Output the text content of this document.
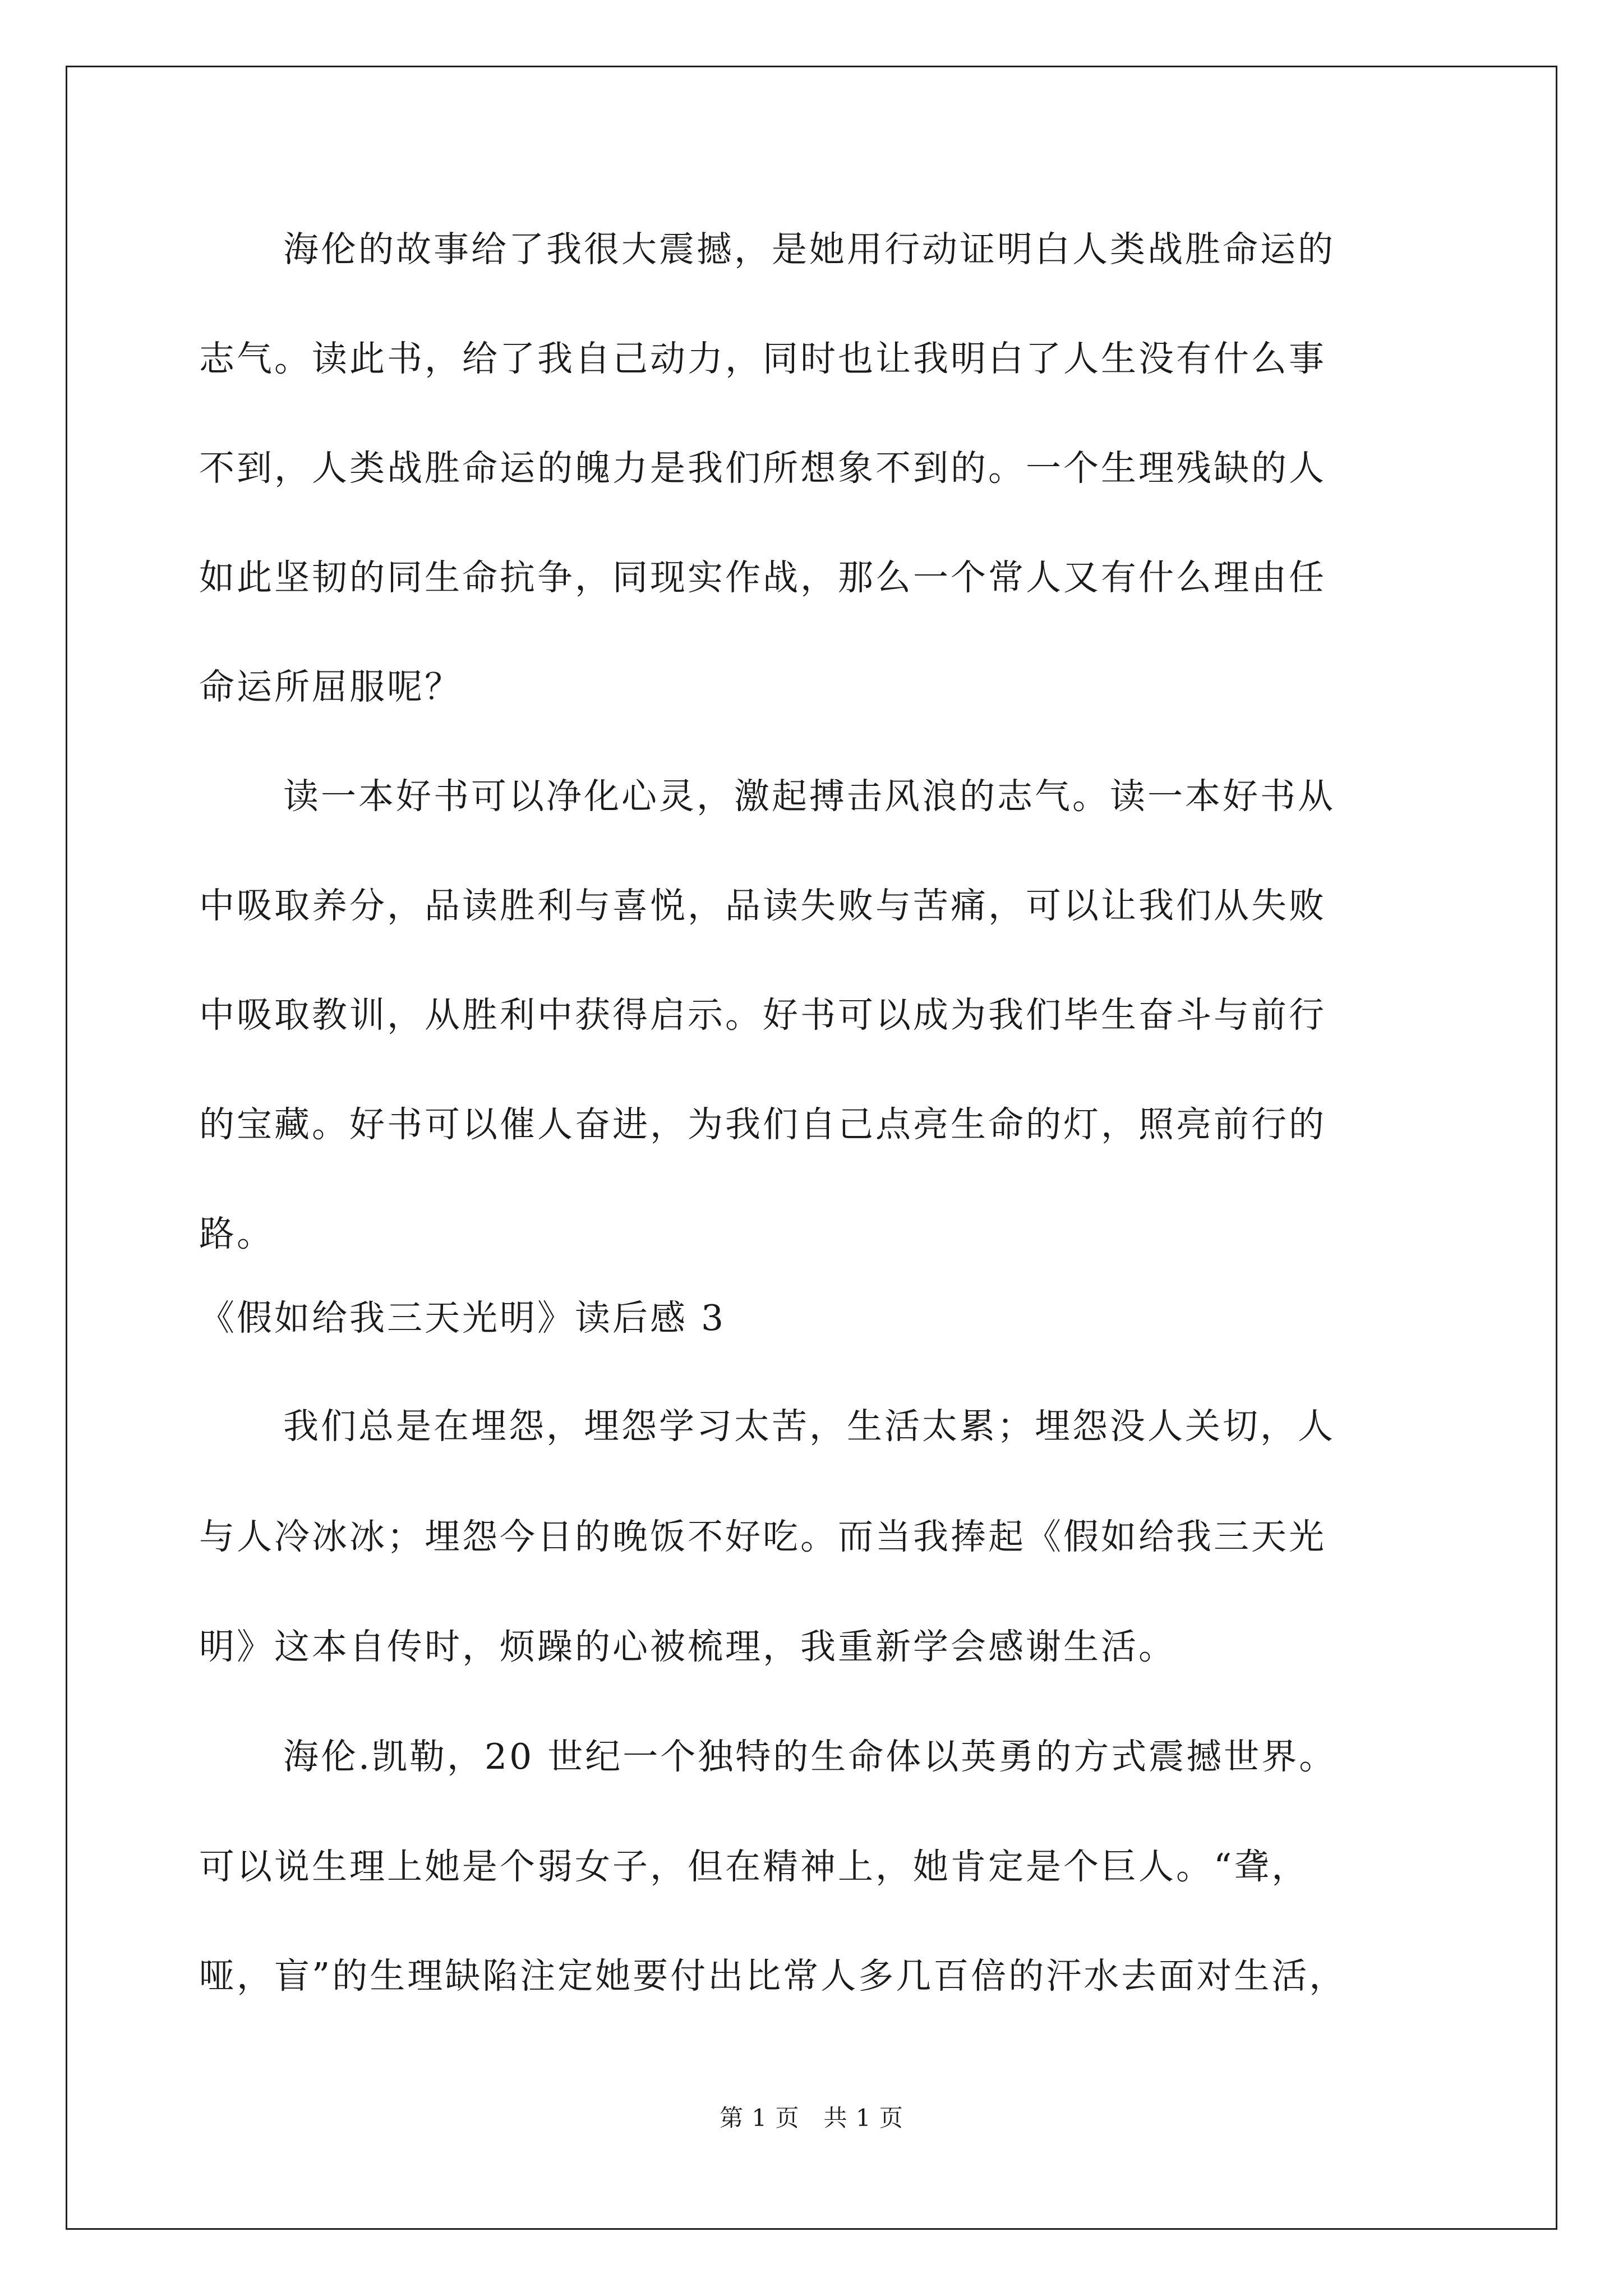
海伦的故事给了我很大震撼，是她用行动证明白人类战胜命运的
志气。读此书，给了我自己动力，同时也让我明白了人生没有什么事
不到，人类战胜命运的魄力是我们所想象不到的。一个生理残缺的人
如此坚韧的同生命抗争，同现实作战，那么一个常人又有什么理由任
命运所屈服呢？
读一本好书可以净化心灵，激起搏击风浪的志气。读一本好书从
中吸取养分，品读胜利与喜悦，品读失败与苦痛，可以让我们从失败
中吸取教训，从胜利中获得启示。好书可以成为我们毕生奋斗与前行
的宝藏。好书可以催人奋进，为我们自己点亮生命的灯，照亮前行的
路。
《假如给我三天光明》读后感 3
我们总是在埋怨，埋怨学习太苦，生活太累；埋怨没人关切，人
与人冷冰冰；埋怨今日的晚饭不好吃。而当我捧起《假如给我三天光
明》这本自传时，烦躁的心被梳理，我重新学会感谢生活。
海伦.凯勒，20 世纪一个独特的生命体以英勇的方式震撼世界。
可以说生理上她是个弱女子，但在精神上，她肯定是个巨人。“聋，
哑，盲”的生理缺陷注定她要付出比常人多几百倍的汗水去面对生活，
第 1 页　共 1 页
